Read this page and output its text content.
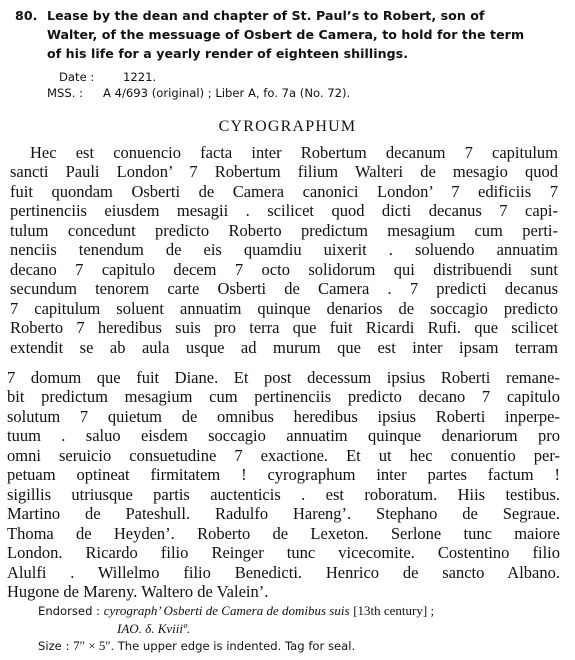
80. Lease by the dean and chapter of St. Paul’s to Robert, son of
Walter, of the messuage of Osbert de Camera, to hold for the term
of his life for a yearly render of eighteen shillings.
Date : 1221.
MSS. : A 4/693 (original) ; Liber A, fo. 7a (No. 72).
CYROGRAPHUM
Hec est conuencio facta inter Robertum decanum 7 capitulum
sancti Pauli London’ 7 Robertum filium Walteri de mesagio quod
fuit quondam Osberti de Camera canonici London’ 7 edificiis 7
pertinenciis eiusdem mesagii . scilicet quod dicti decanus 7 capi-
tulum concedunt predicto Roberto predictum mesagium cum perti-
nenciis tenendum de eis quamdiu uixerit . soluendo annuatim
decano 7 capitulo decem 7 octo solidorum qui distribuendi sunt
secundum tenorem carte Osberti de Camera . 7 predicti decanus
7 capitulum soluent annuatim quinque denarios de soccagio predicto
Roberto 7 heredibus suis pro terra que fuit Ricardi Rufi. que scilicet
extendit se ab aula usque ad murum que est inter ipsam terram
7 domum que fuit Diane. Et post decessum ipsius Roberti remane-
bit predictum mesagium cum pertinenciis predicto decano 7 capitulo
solutum 7 quietum de omnibus heredibus ipsius Roberti inperpe-
tuum . saluo eisdem soccagio annuatim quinque denariorum pro
omni seruicio consuetudine 7 exactione. Et ut hec conuentio per-
petuam optineat firmitatem ! cyrographum inter partes factum !
sigillis utriusque partis auctenticis . est roboratum. Hiis testibus.
Martino de Pateshull. Radulfo Hareng’. Stephano de Segraue.
Thoma de Heyden’. Roberto de Lexeton. Serlone tunc maiore
London. Ricardo filio Reinger tunc vicecomite. Costentino filio
Alulfi . Willelmo filio Benedicti. Henrico de sancto Albano.
Hugone de Mareny. Waltero de Valein’.
Endorsed : cyrograph’ Osberti de Camera de domibus suis [13th century] ;
IAO. δ. Kviiiº.
Size : 7″ × 5″. The upper edge is indented. Tag for seal.
